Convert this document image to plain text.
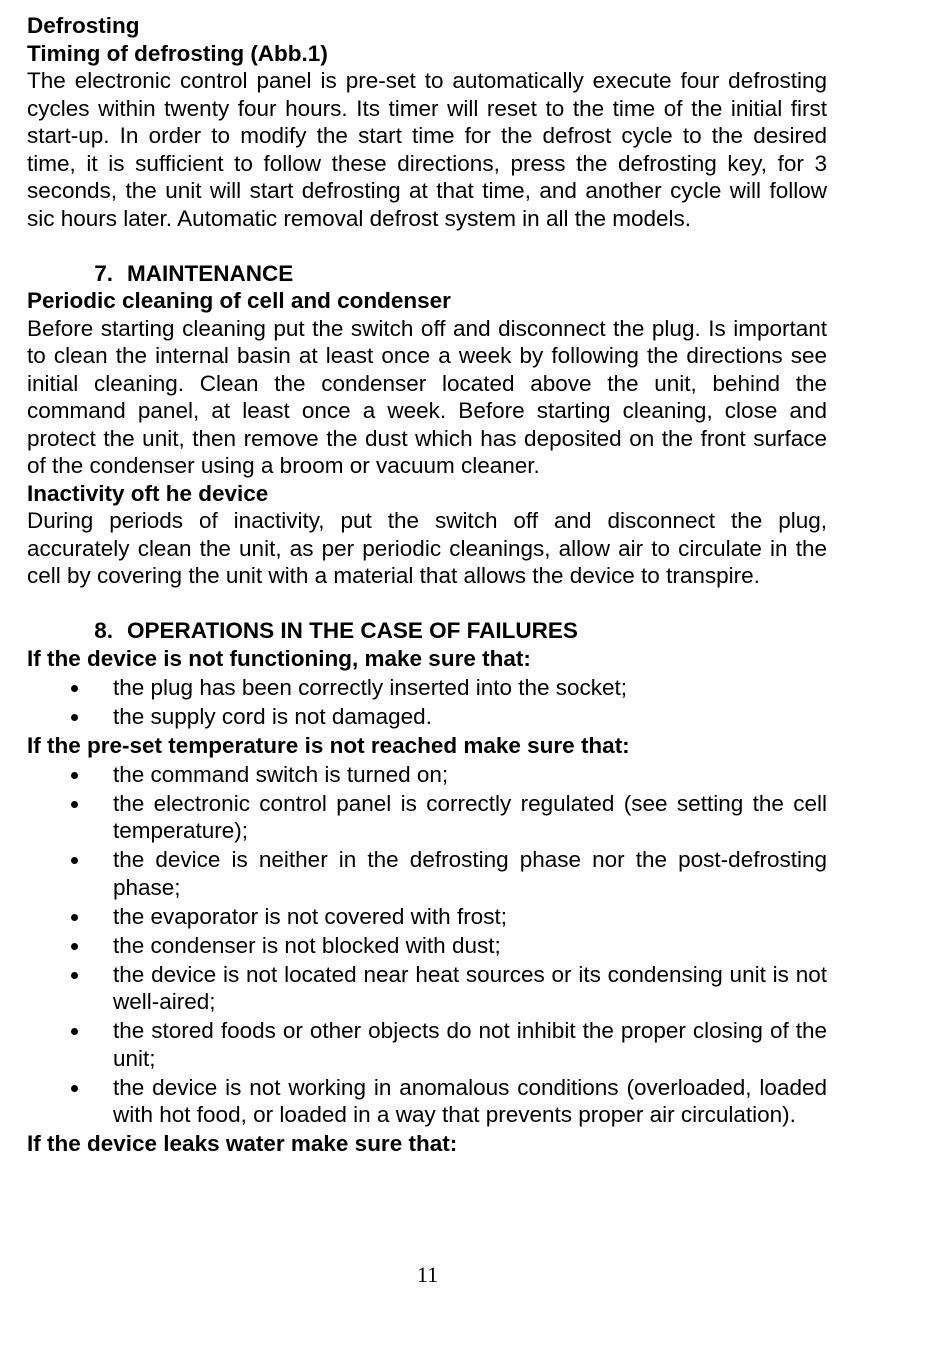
Defrosting

Timing of defrosting (Abb.1)

The electronic control panel is pre-set to automatically execute four defrosting cycles within twenty four hours. Its timer will reset to the time of the initial first start-up. In order to modify the start time for the defrost cycle to the desired time, it is sufficient to follow these directions, press the defrosting key, for 3 seconds, the unit will start defrosting at that time, and another cycle will follow sic hours later. Automatic removal defrost system in all the models.

7. MAINTENANCE

Periodic cleaning of cell and condenser

Before starting cleaning put the switch off and disconnect the plug. Is important to clean the internal basin at least once a week by following the directions see initial cleaning. Clean the condenser located above the unit, behind the command panel, at least once a week. Before starting cleaning, close and protect the unit, then remove the dust which has deposited on the front surface of the condenser using a broom or vacuum cleaner.

Inactivity oft he device

During periods of inactivity, put the switch off and disconnect the plug, accurately clean the unit, as per periodic cleanings, allow air to circulate in the cell by covering the unit with a material that allows the device to transpire.

8. OPERATIONS IN THE CASE OF FAILURES

If the device is not functioning, make sure that:

the plug has been correctly inserted into the socket;
the supply cord is not damaged.

If the pre-set temperature is not reached make sure that:

the command switch is turned on;
the electronic control panel is correctly regulated (see setting the cell temperature);
the device is neither in the defrosting phase nor the post-defrosting phase;
the evaporator is not covered with frost;
the condenser is not blocked with dust;
the device is not located near heat sources or its condensing unit is not well-aired;
the stored foods or other objects do not inhibit the proper closing of the unit;
the device is not working in anomalous conditions (overloaded, loaded with hot food, or loaded in a way that prevents proper air circulation).

If the device leaks water make sure that:

11
